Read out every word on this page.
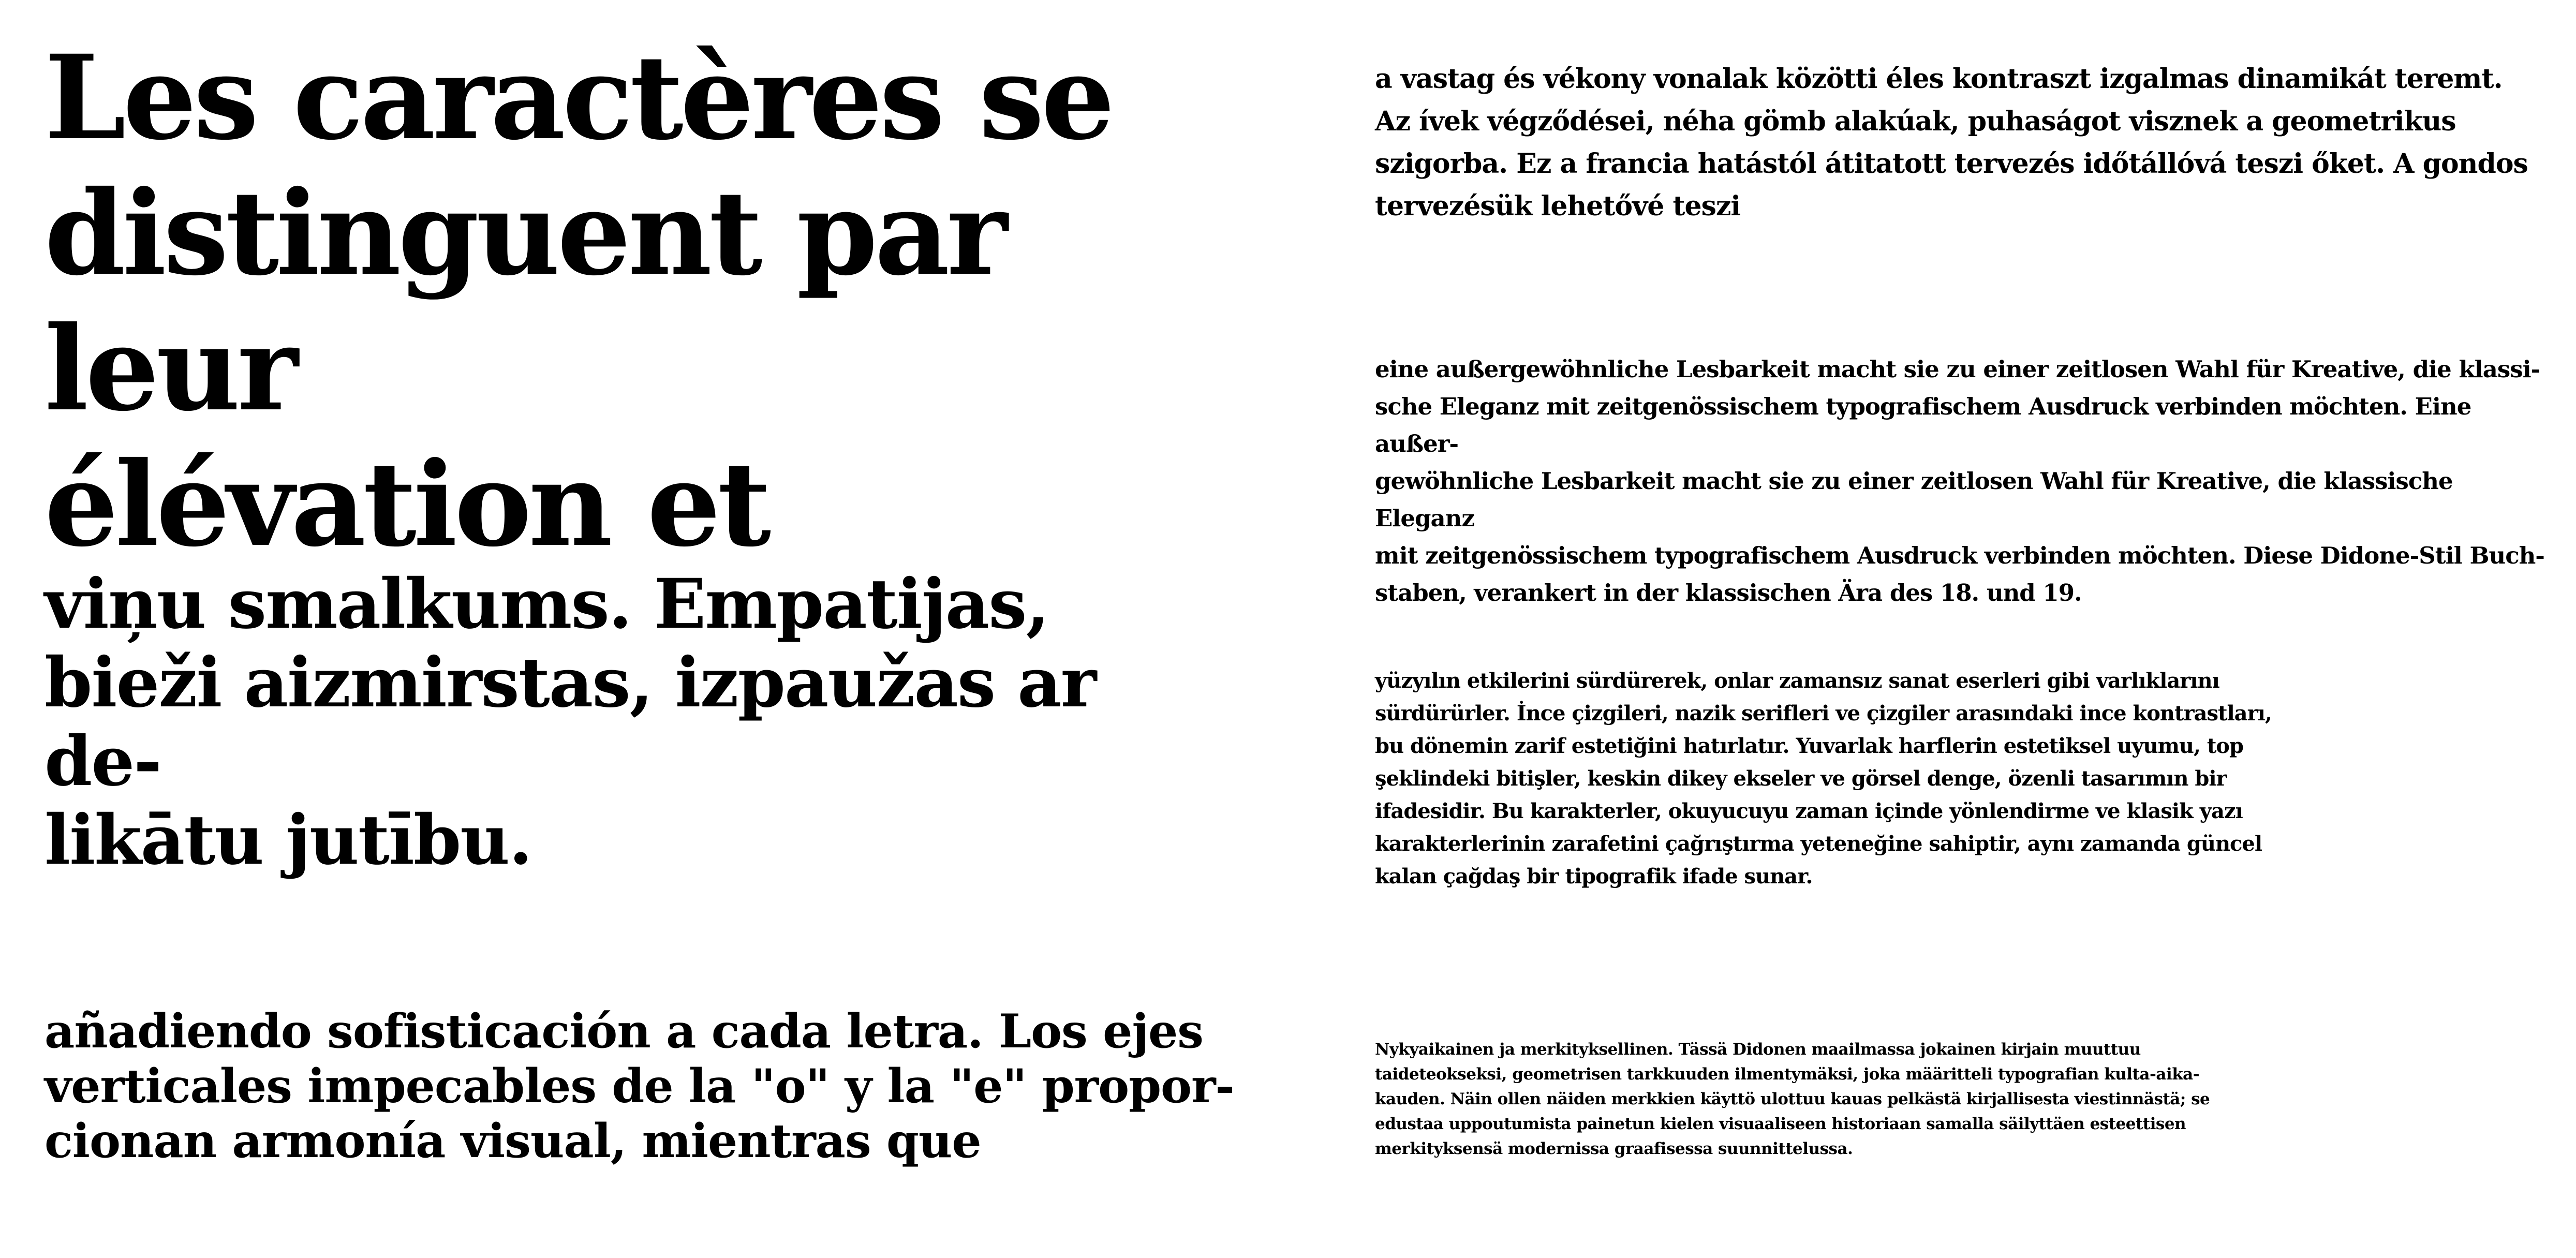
Les caractères se
distinguent par leur
élévation et

viņu smalkums. Empatijas,
bieži aizmirstas, izpaužas ar de-
likātu jutību.

añadiendo sofisticación a cada letra. Los ejes
verticales impecables de la "o" y la "e" propor-
cionan armonía visual, mientras que

a vastag és vékony vonalak közötti éles kontraszt izgalmas dinamikát teremt.
Az ívek végződései, néha gömb alakúak, puhaságot visznek a geometrikus
szigorba. Ez a francia hatástól átitatott tervezés időtállóvá teszi őket. A gondos
tervezésük lehetővé teszi

eine außergewöhnliche Lesbarkeit macht sie zu einer zeitlosen Wahl für Kreative, die klassi-
sche Eleganz mit zeitgenössischem typografischem Ausdruck verbinden möchten. Eine außer-
gewöhnliche Lesbarkeit macht sie zu einer zeitlosen Wahl für Kreative, die klassische Eleganz
mit zeitgenössischem typografischem Ausdruck verbinden möchten. Diese Didone-Stil Buch-
staben, verankert in der klassischen Ära des 18. und 19.

yüzyılın etkilerini sürdürerek, onlar zamansız sanat eserleri gibi varlıklarını
sürdürürler. İnce çizgileri, nazik serifleri ve çizgiler arasındaki ince kontrastları,
bu dönemin zarif estetiğini hatırlatır. Yuvarlak harflerin estetiksel uyumu, top
şeklindeki bitişler, keskin dikey ekseler ve görsel denge, özenli tasarımın bir
ifadesidir. Bu karakterler, okuyucuyu zaman içinde yönlendirme ve klasik yazı
karakterlerinin zarafetini çağrıştırma yeteneğine sahiptir, aynı zamanda güncel
kalan çağdaş bir tipografik ifade sunar.

Nykyaikainen ja merkityksellinen. Tässä Didonen maailmassa jokainen kirjain muuttuu
taideteokseksi, geometrisen tarkkuuden ilmentymäksi, joka määritteli typografian kulta-aika-
kauden. Näin ollen näiden merkkien käyttö ulottuu kauas pelkästä kirjallisesta viestinnästä; se
edustaa uppoutumista painetun kielen visuaaliseen historiaan samalla säilyttäen esteettisen
merkityksensä modernissa graafisessa suunnittelussa.
